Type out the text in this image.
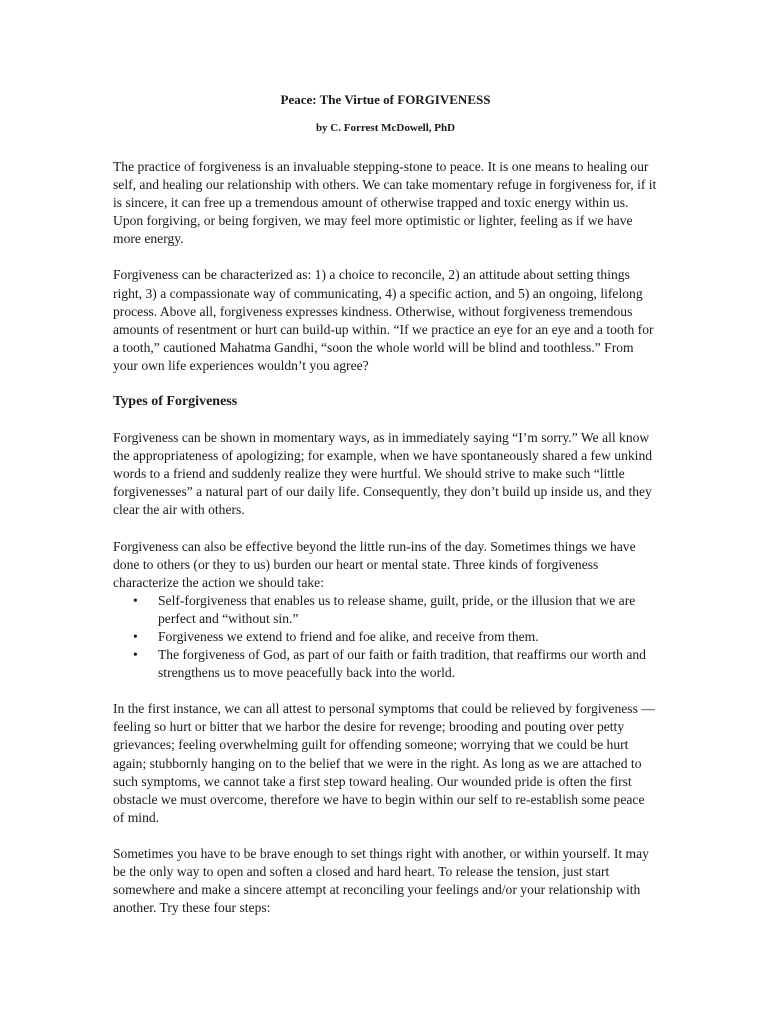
Peace: The Virtue of FORGIVENESS
by C. Forrest McDowell, PhD

The practice of forgiveness is an invaluable stepping-stone to peace. It is one means to healing our self, and healing our relationship with others. We can take momentary refuge in forgiveness for, if it is sincere, it can free up a tremendous amount of otherwise trapped and toxic energy within us. Upon forgiving, or being forgiven, we may feel more optimistic or lighter, feeling as if we have more energy.

Forgiveness can be characterized as: 1) a choice to reconcile, 2) an attitude about setting things right, 3) a compassionate way of communicating, 4) a specific action, and 5) an ongoing, lifelong process. Above all, forgiveness expresses kindness. Otherwise, without forgiveness tremendous amounts of resentment or hurt can build-up within. “If we practice an eye for an eye and a tooth for a tooth,” cautioned Mahatma Gandhi, “soon the whole world will be blind and toothless.” From your own life experiences wouldn’t you agree?

Types of Forgiveness

Forgiveness can be shown in momentary ways, as in immediately saying “I’m sorry.” We all know the appropriateness of apologizing; for example, when we have spontaneously shared a few unkind words to a friend and suddenly realize they were hurtful. We should strive to make such “little forgivenesses” a natural part of our daily life. Consequently, they don’t build up inside us, and they clear the air with others.

Forgiveness can also be effective beyond the little run-ins of the day. Sometimes things we have done to others (or they to us) burden our heart or mental state. Three kinds of forgiveness characterize the action we should take:

• Self-forgiveness that enables us to release shame, guilt, pride, or the illusion that we are perfect and “without sin.”
• Forgiveness we extend to friend and foe alike, and receive from them.
• The forgiveness of God, as part of our faith or faith tradition, that reaffirms our worth and strengthens us to move peacefully back into the world.

In the first instance, we can all attest to personal symptoms that could be relieved by forgiveness — feeling so hurt or bitter that we harbor the desire for revenge; brooding and pouting over petty grievances; feeling overwhelming guilt for offending someone; worrying that we could be hurt again; stubbornly hanging on to the belief that we were in the right. As long as we are attached to such symptoms, we cannot take a first step toward healing. Our wounded pride is often the first obstacle we must overcome, therefore we have to begin within our self to re-establish some peace of mind.

Sometimes you have to be brave enough to set things right with another, or within yourself. It may be the only way to open and soften a closed and hard heart. To release the tension, just start somewhere and make a sincere attempt at reconciling your feelings and/or your relationship with another. Try these four steps:
